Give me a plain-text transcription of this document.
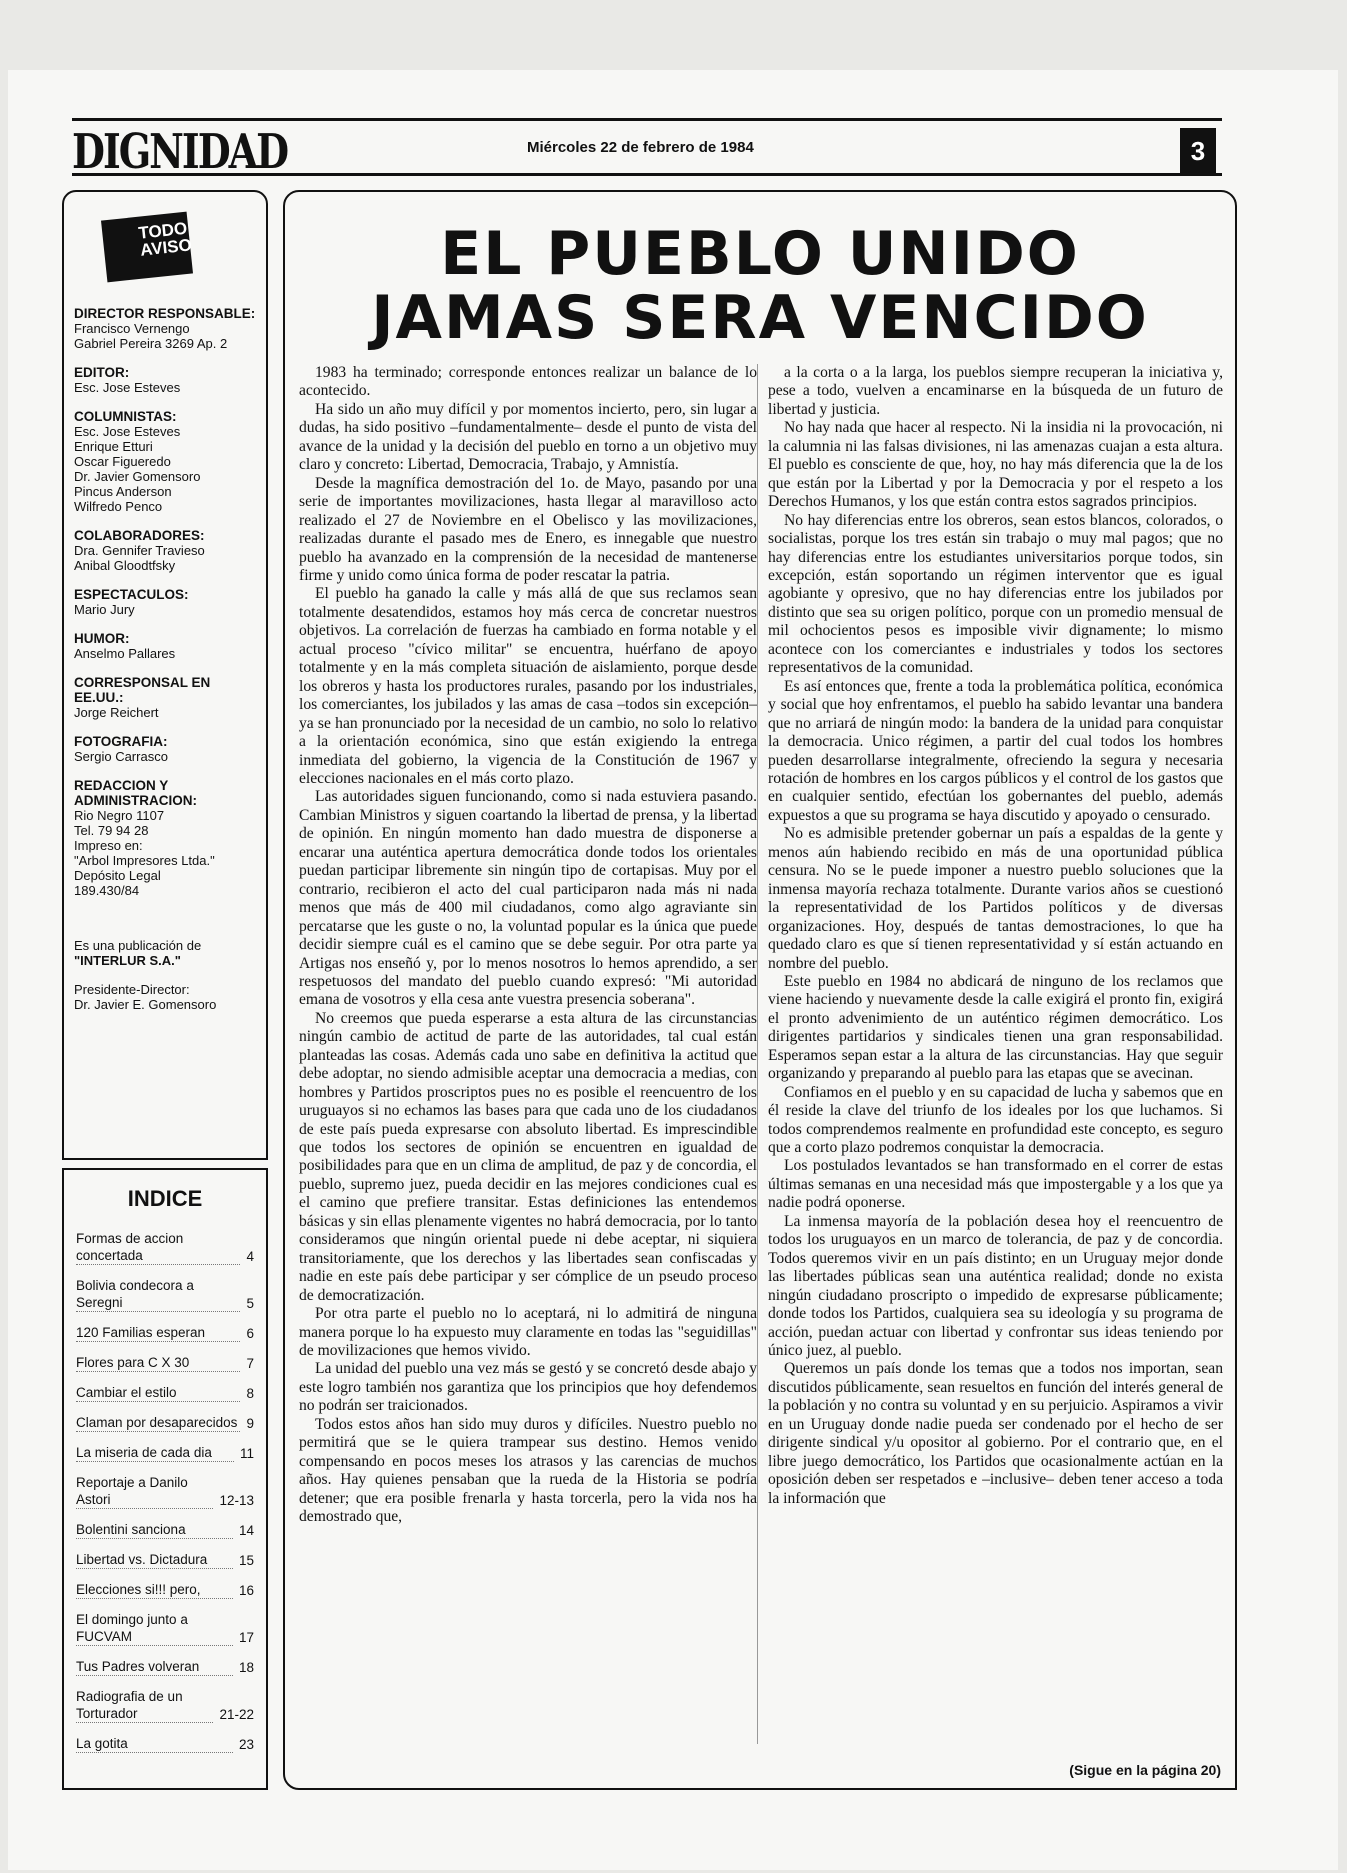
DIGNIDAD	Miércoles 22 de febrero de 1984	3
TODO AVISO
DIRECTOR RESPONSABLE:
Francisco Vernengo
Gabriel Pereira 3269 Ap. 2
EDITOR:
Esc. Jose Esteves
COLUMNISTAS:
Esc. Jose Esteves
Enrique Etturi
Oscar Figueredo
Dr. Javier Gomensoro
Pincus Anderson
Wilfredo Penco
COLABORADORES:
Dra. Gennifer Travieso
Anibal Gloodtfsky
ESPECTACULOS:
Mario Jury
HUMOR:
Anselmo Pallares
CORRESPONSAL EN EE.UU.:
Jorge Reichert
FOTOGRAFIA:
Sergio Carrasco
REDACCION Y ADMINISTRACION:
Rio Negro 1107
Tel. 79 94 28
Impreso en:
"Arbol Impresores Ltda."
Depósito Legal
189.430/84
Es una publicación de
"INTERLUR S.A."
Presidente-Director:
Dr. Javier E. Gomensoro
INDICE
Formas de accion concertada	4
Bolivia condecora a Seregni	5
120 Familias esperan	6
Flores para C X 30	7
Cambiar el estilo	8
Claman por desaparecidos 9
La miseria de cada dia	11
Reportaje a Danilo Astori	12-13
Bolentini sanciona	14
Libertad vs. Dictadura	15
Elecciones si!!! pero,	16
El domingo junto a FUCVAM	17
Tus Padres volveran	18
Radiografia de un Torturador	21-22
La gotita	23
EL PUEBLO UNIDO
JAMAS SERA VENCIDO

1983 ha terminado; corresponde entonces realizar un balance de lo acontecido.

Ha sido un año muy difícil y por momentos incierto, pero, sin lugar a dudas, ha sido positivo –fundamentalmente– desde el punto de vista del avance de la unidad y la decisión del pueblo en torno a un objetivo muy claro y concreto: Libertad, Democracia, Trabajo, y Amnistía.

Desde la magnífica demostración del 1o. de Mayo, pasando por una serie de importantes movilizaciones, hasta llegar al maravilloso acto realizado el 27 de Noviembre en el Obelisco y las movilizaciones, realizadas durante el pasado mes de Enero, es innegable que nuestro pueblo ha avanzado en la comprensión de la necesidad de mantenerse firme y unido como única forma de poder rescatar la patria.

El pueblo ha ganado la calle y más allá de que sus reclamos sean totalmente desatendidos, estamos hoy más cerca de concretar nuestros objetivos. La correlación de fuerzas ha cambiado en forma notable y el actual proceso "cívico militar" se encuentra, huérfano de apoyo totalmente y en la más completa situación de aislamiento, porque desde los obreros y hasta los productores rurales, pasando por los industriales, los comerciantes, los jubilados y las amas de casa –todos sin excepción– ya se han pronunciado por la necesidad de un cambio, no solo lo relativo a la orientación económica, sino que están exigiendo la entrega inmediata del gobierno, la vigencia de la Constitución de 1967 y elecciones nacionales en el más corto plazo.

Las autoridades siguen funcionando, como si nada estuviera pasando. Cambian Ministros y siguen coartando la libertad de prensa, y la libertad de opinión. En ningún momento han dado muestra de disponerse a encarar una auténtica apertura democrática donde todos los orientales puedan participar libremente sin ningún tipo de cortapisas. Muy por el contrario, recibieron el acto del cual participaron nada más ni nada menos que más de 400 mil ciudadanos, como algo agraviante sin percatarse que les guste o no, la voluntad popular es la única que puede decidir siempre cuál es el camino que se debe seguir. Por otra parte ya Artigas nos enseñó y, por lo menos nosotros lo hemos aprendido, a ser respetuosos del mandato del pueblo cuando expresó: "Mi autoridad emana de vosotros y ella cesa ante vuestra presencia soberana".

No creemos que pueda esperarse a esta altura de las circunstancias ningún cambio de actitud de parte de las autoridades, tal cual están planteadas las cosas. Además cada uno sabe en definitiva la actitud que debe adoptar, no siendo admisible aceptar una democracia a medias, con hombres y Partidos proscriptos pues no es posible el reencuentro de los uruguayos si no echamos las bases para que cada uno de los ciudadanos de este país pueda expresarse con absoluto libertad. Es imprescindible que todos los sectores de opinión se encuentren en igualdad de posibilidades para que en un clima de amplitud, de paz y de concordia, el pueblo, supremo juez, pueda decidir en las mejores condiciones cual es el camino que prefiere transitar. Estas definiciones las entendemos básicas y sin ellas plenamente vigentes no habrá democracia, por lo tanto consideramos que ningún oriental puede ni debe aceptar, ni siquiera transitoriamente, que los derechos y las libertades sean confiscadas y nadie en este país debe participar y ser cómplice de un pseudo proceso de democratización.

Por otra parte el pueblo no lo aceptará, ni lo admitirá de ninguna manera porque lo ha expuesto muy claramente en todas las "seguidillas" de movilizaciones que hemos vivido.

La unidad del pueblo una vez más se gestó y se concretó desde abajo y este logro también nos garantiza que los principios que hoy defendemos no podrán ser traicionados.

Todos estos años han sido muy duros y difíciles. Nuestro pueblo no permitirá que se le quiera trampear sus destino. Hemos venido compensando en pocos meses los atrasos y las carencias de muchos años. Hay quienes pensaban que la rueda de la Historia se podría detener; que era posible frenarla y hasta torcerla, pero la vida nos ha demostrado que,

a la corta o a la larga, los pueblos siempre recuperan la iniciativa y, pese a todo, vuelven a encaminarse en la búsqueda de un futuro de libertad y justicia.

No hay nada que hacer al respecto. Ni la insidia ni la provocación, ni la calumnia ni las falsas divisiones, ni las amenazas cuajan a esta altura. El pueblo es consciente de que, hoy, no hay más diferencia que la de los que están por la Libertad y por la Democracia y por el respeto a los Derechos Humanos, y los que están contra estos sagrados principios.

No hay diferencias entre los obreros, sean estos blancos, colorados, o socialistas, porque los tres están sin trabajo o muy mal pagos; que no hay diferencias entre los estudiantes universitarios porque todos, sin excepción, están soportando un régimen interventor que es igual agobiante y opresivo, que no hay diferencias entre los jubilados por distinto que sea su origen político, porque con un promedio mensual de mil ochocientos pesos es imposible vivir dignamente; lo mismo acontece con los comerciantes e industriales y todos los sectores representativos de la comunidad.

Es así entonces que, frente a toda la problemática política, económica y social que hoy enfrentamos, el pueblo ha sabido levantar una bandera que no arriará de ningún modo: la bandera de la unidad para conquistar la democracia. Unico régimen, a partir del cual todos los hombres pueden desarrollarse integralmente, ofreciendo la segura y necesaria rotación de hombres en los cargos públicos y el control de los gastos que en cualquier sentido, efectúan los gobernantes del pueblo, además expuestos a que su programa se haya discutido y apoyado o censurado.

No es admisible pretender gobernar un país a espaldas de la gente y menos aún habiendo recibido en más de una oportunidad pública censura. No se le puede imponer a nuestro pueblo soluciones que la inmensa mayoría rechaza totalmente. Durante varios años se cuestionó la representatividad de los Partidos políticos y de diversas organizaciones. Hoy, después de tantas demostraciones, lo que ha quedado claro es que sí tienen representatividad y sí están actuando en nombre del pueblo.

Este pueblo en 1984 no abdicará de ninguno de los reclamos que viene haciendo y nuevamente desde la calle exigirá el pronto fin, exigirá el pronto advenimiento de un auténtico régimen democrático. Los dirigentes partidarios y sindicales tienen una gran responsabilidad. Esperamos sepan estar a la altura de las circunstancias. Hay que seguir organizando y preparando al pueblo para las etapas que se avecinan.

Confiamos en el pueblo y en su capacidad de lucha y sabemos que en él reside la clave del triunfo de los ideales por los que luchamos. Si todos comprendemos realmente en profundidad este concepto, es seguro que a corto plazo podremos conquistar la democracia.

Los postulados levantados se han transformado en el correr de estas últimas semanas en una necesidad más que impostergable y a los que ya nadie podrá oponerse.

La inmensa mayoría de la población desea hoy el reencuentro de todos los uruguayos en un marco de tolerancia, de paz y de concordia. Todos queremos vivir en un país distinto; en un Uruguay mejor donde las libertades públicas sean una auténtica realidad; donde no exista ningún ciudadano proscripto o impedido de expresarse públicamente; donde todos los Partidos, cualquiera sea su ideología y su programa de acción, puedan actuar con libertad y confrontar sus ideas teniendo por único juez, al pueblo.

Queremos un país donde los temas que a todos nos importan, sean discutidos públicamente, sean resueltos en función del interés general de la población y no contra su voluntad y en su perjuicio. Aspiramos a vivir en un Uruguay donde nadie pueda ser condenado por el hecho de ser dirigente sindical y/u opositor al gobierno. Por el contrario que, en el libre juego democrático, los Partidos que ocasionalmente actúan en la oposición deben ser respetados e –inclusive– deben tener acceso a toda la información que

(Sigue en la página 20)
